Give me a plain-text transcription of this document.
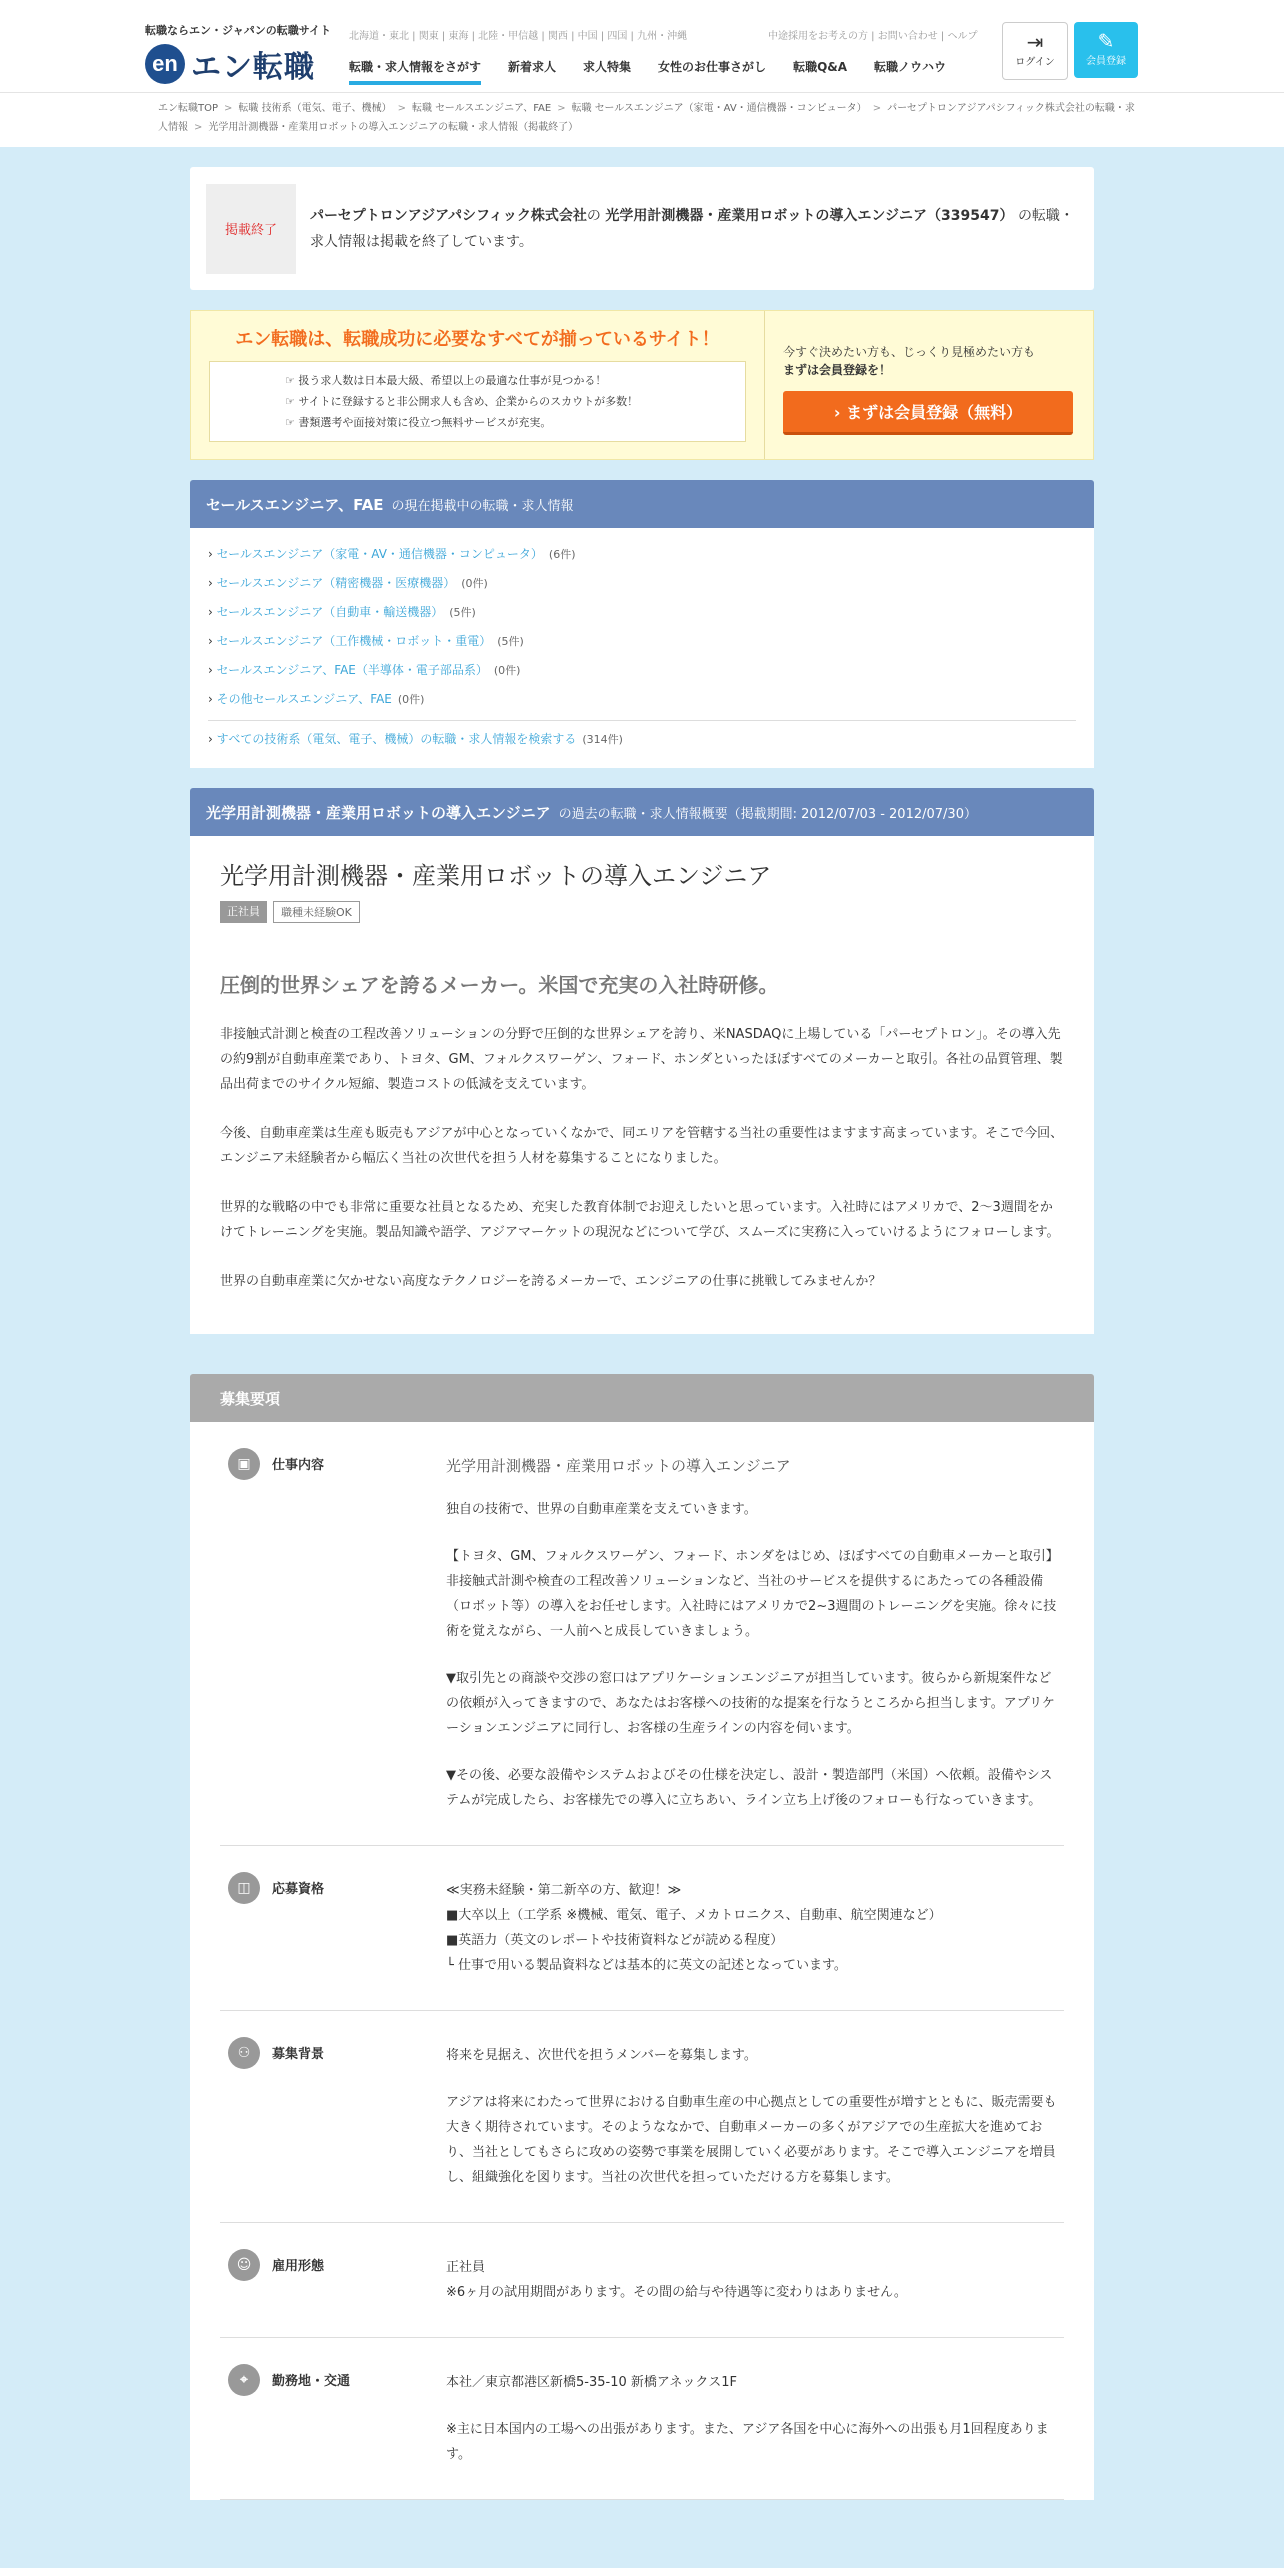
転職ならエン・ジャパンの転職サイト
en エン転職
北海道・東北 | 関東 | 東海 | 北陸・甲信越 | 関西 | 中国 | 四国 | 九州・沖縄	中途採用をお考えの方 | お問い合わせ | ヘルプ
転職・求人情報をさがす	新着求人	求人特集	女性のお仕事さがし	転職Q&A	転職ノウハウ
⇥
ログイン
✎
会員登録
エン転職TOP > 転職 技術系（電気、電子、機械） > 転職 セールスエンジニア、FAE > 転職 セールスエンジニア（家電・AV・通信機器・コンピュータ） > パーセプトロンアジアパシフィック株式会社の転職・求人情報 > 光学用計測機器・産業用ロボットの導入エンジニアの転職・求人情報（掲載終了）
掲載終了
パーセプトロンアジアパシフィック株式会社の 光学用計測機器・産業用ロボットの導入エンジニア（339547） の転職・求人情報は掲載を終了しています。
エン転職は、転職成功に必要なすべてが揃っているサイト！
☞ 扱う求人数は日本最大級、希望以上の最適な仕事が見つかる！
☞ サイトに登録すると非公開求人も含め、企業からのスカウトが多数！
☞ 書類選考や面接対策に役立つ無料サービスが充実。
今すぐ決めたい方も、じっくり見極めたい方も
まずは会員登録を！
› まずは会員登録（無料）
セールスエンジニア、FAE の現在掲載中の転職・求人情報
› セールスエンジニア（家電・AV・通信機器・コンピュータ） (6件)
› セールスエンジニア（精密機器・医療機器） (0件)
› セールスエンジニア（自動車・輸送機器） (5件)
› セールスエンジニア（工作機械・ロボット・重電） (5件)
› セールスエンジニア、FAE（半導体・電子部品系） (0件)
› その他セールスエンジニア、FAE (0件)
› すべての技術系（電気、電子、機械）の転職・求人情報を検索する (314件)
光学用計測機器・産業用ロボットの導入エンジニア の過去の転職・求人情報概要（掲載期間: 2012/07/03 - 2012/07/30）
光学用計測機器・産業用ロボットの導入エンジニア
正社員	職種未経験OK
圧倒的世界シェアを誇るメーカー。米国で充実の入社時研修。
非接触式計測と検査の工程改善ソリューションの分野で圧倒的な世界シェアを誇り、米NASDAQに上場している「パーセプトロン」。その導入先の約9割が自動車産業であり、トヨタ、GM、フォルクスワーゲン、フォード、ホンダといったほぼすべてのメーカーと取引。各社の品質管理、製品出荷までのサイクル短縮、製造コストの低減を支えています。
今後、自動車産業は生産も販売もアジアが中心となっていくなかで、同エリアを管轄する当社の重要性はますます高まっています。そこで今回、エンジニア未経験者から幅広く当社の次世代を担う人材を募集することになりました。
世界的な戦略の中でも非常に重要な社員となるため、充実した教育体制でお迎えしたいと思っています。入社時にはアメリカで、2～3週間をかけてトレーニングを実施。製品知識や語学、アジアマーケットの現況などについて学び、スムーズに実務に入っていけるようにフォローします。
世界の自動車産業に欠かせない高度なテクノロジーを誇るメーカーで、エンジニアの仕事に挑戦してみませんか？
募集要項
▣	仕事内容	光学用計測機器・産業用ロボットの導入エンジニア

独自の技術で、世界の自動車産業を支えていきます。

【トヨタ、GM、フォルクスワーゲン、フォード、ホンダをはじめ、ほぼすべての自動車メーカーと取引】
非接触式計測や検査の工程改善ソリューションなど、当社のサービスを提供するにあたっての各種設備（ロボット等）の導入をお任せします。入社時にはアメリカで2~3週間のトレーニングを実施。徐々に技術を覚えながら、一人前へと成長していきましょう。

▼取引先との商談や交渉の窓口はアプリケーションエンジニアが担当しています。彼らから新規案件などの依頼が入ってきますので、あなたはお客様への技術的な提案を行なうところから担当します。アプリケーションエンジニアに同行し、お客様の生産ラインの内容を伺います。

▼その後、必要な設備やシステムおよびその仕様を決定し、設計・製造部門（米国）へ依頼。設備やシステムが完成したら、お客様先での導入に立ちあい、ライン立ち上げ後のフォローも行なっていきます。

◫	応募資格	≪実務未経験・第二新卒の方、歓迎！≫
■大卒以上（工学系 ※機械、電気、電子、メカトロニクス、自動車、航空関連など）
■英語力（英文のレポートや技術資料などが読める程度）
└ 仕事で用いる製品資料などは基本的に英文の記述となっています。

⚇	募集背景	将来を見据え、次世代を担うメンバーを募集します。

アジアは将来にわたって世界における自動車生産の中心拠点としての重要性が増すとともに、販売需要も大きく期待されています。そのようななかで、自動車メーカーの多くがアジアでの生産拡大を進めており、当社としてもさらに攻めの姿勢で事業を展開していく必要があります。そこで導入エンジニアを増員し、組織強化を図ります。当社の次世代を担っていただける方を募集します。

☺	雇用形態	正社員
※6ヶ月の試用期間があります。その間の給与や待遇等に変わりはありません。

⌖	勤務地・交通	本社／東京都港区新橋5-35-10 新橋アネックス1F

※主に日本国内の工場への出張があります。また、アジア各国を中心に海外への出張も月1回程度あります。
